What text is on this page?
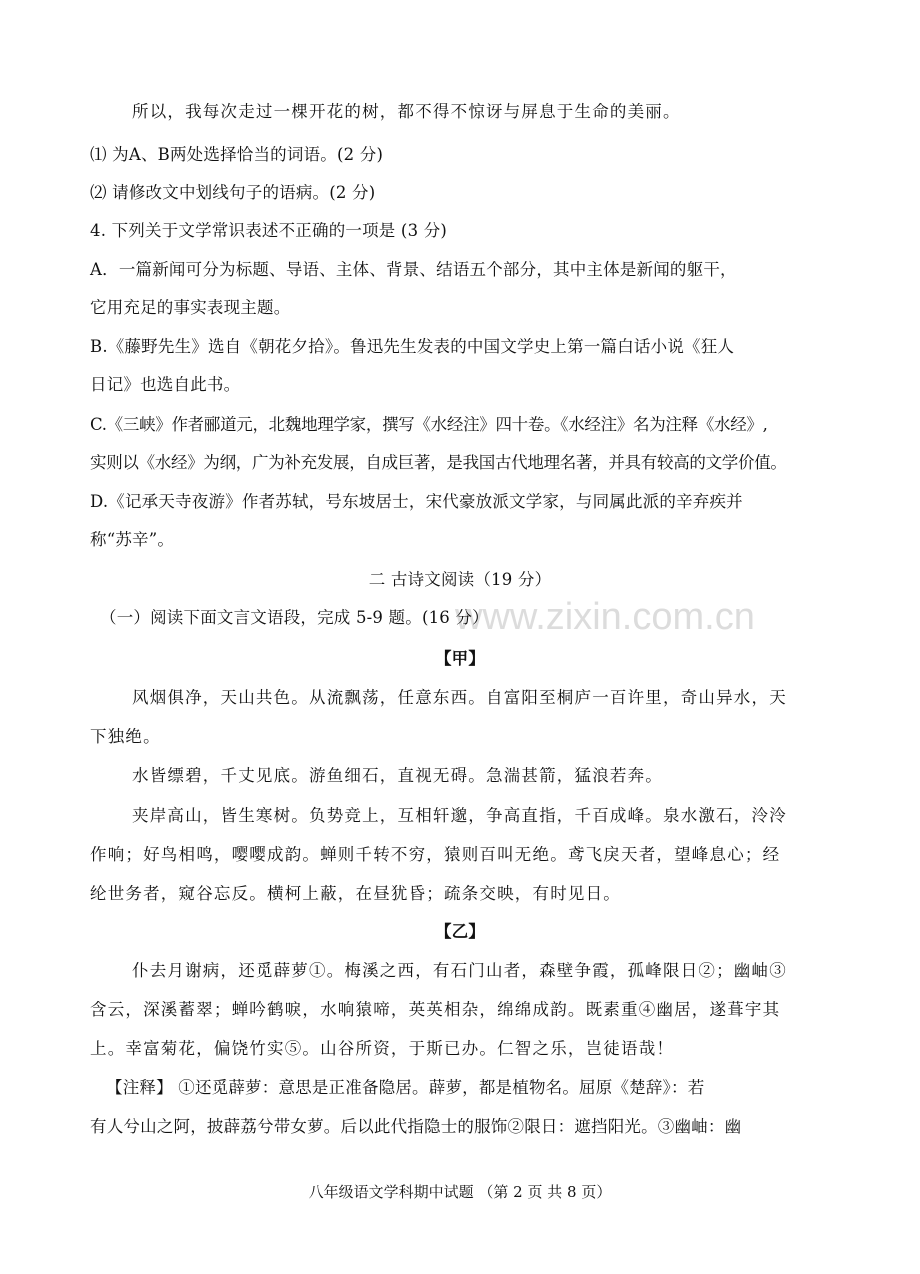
所以，我每次走过一棵开花的树，都不得不惊讶与屏息于生命的美丽。
⑴ 为A、B两处选择恰当的词语。(2 分)
⑵ 请修改文中划线句子的语病。(2 分)
4. 下列关于文学常识表述不正确的一项是 (3 分)
A．一篇新闻可分为标题、导语、主体、背景、结语五个部分，其中主体是新闻的躯干，
它用充足的事实表现主题。
B.《藤野先生》选自《朝花夕拾》。鲁迅先生发表的中国文学史上第一篇白话小说《狂人
日记》也选自此书。
C.《三峡》作者郦道元，北魏地理学家，撰写《水经注》四十卷。《水经注》名为注释《水经》,
实则以《水经》为纲，广为补充发展，自成巨著，是我国古代地理名著，并具有较高的文学价值。
D.《记承天寺夜游》作者苏轼，号东坡居士，宋代豪放派文学家，与同属此派的辛弃疾并
称“苏辛”。
二 古诗文阅读（19 分）
www.zixin.com.cn
（一）阅读下面文言文语段，完成 5-9 题。(16 分）
【甲】
风烟俱净，天山共色。从流飘荡，任意东西。自富阳至桐庐一百许里，奇山异水，天
下独绝。
水皆缥碧，千丈见底。游鱼细石，直视无碍。急湍甚箭，猛浪若奔。
夹岸高山，皆生寒树。负势竞上，互相轩邈，争高直指，千百成峰。泉水激石，泠泠
作响；好鸟相鸣，嘤嘤成韵。蝉则千转不穷，猿则百叫无绝。鸢飞戾天者，望峰息心；经
纶世务者，窥谷忘反。横柯上蔽，在昼犹昏；疏条交映，有时见日。
【乙】
仆去月谢病，还觅薜萝①。梅溪之西，有石门山者，森壁争霞，孤峰限日②；幽岫③
含云，深溪蓄翠；蝉吟鹤唳，水响猿啼，英英相杂，绵绵成韵。既素重④幽居，遂葺宇其
上。幸富菊花，偏饶竹实⑤。山谷所资，于斯已办。仁智之乐，岂徒语哉！
【注释】 ①还觅薜萝：意思是正准备隐居。薜萝，都是植物名。屈原《楚辞》：若
有人兮山之阿，披薜荔兮带女萝。后以此代指隐士的服饰②限日：遮挡阳光。③幽岫：幽
八年级语文学科期中试题 （第 2 页 共 8 页）
